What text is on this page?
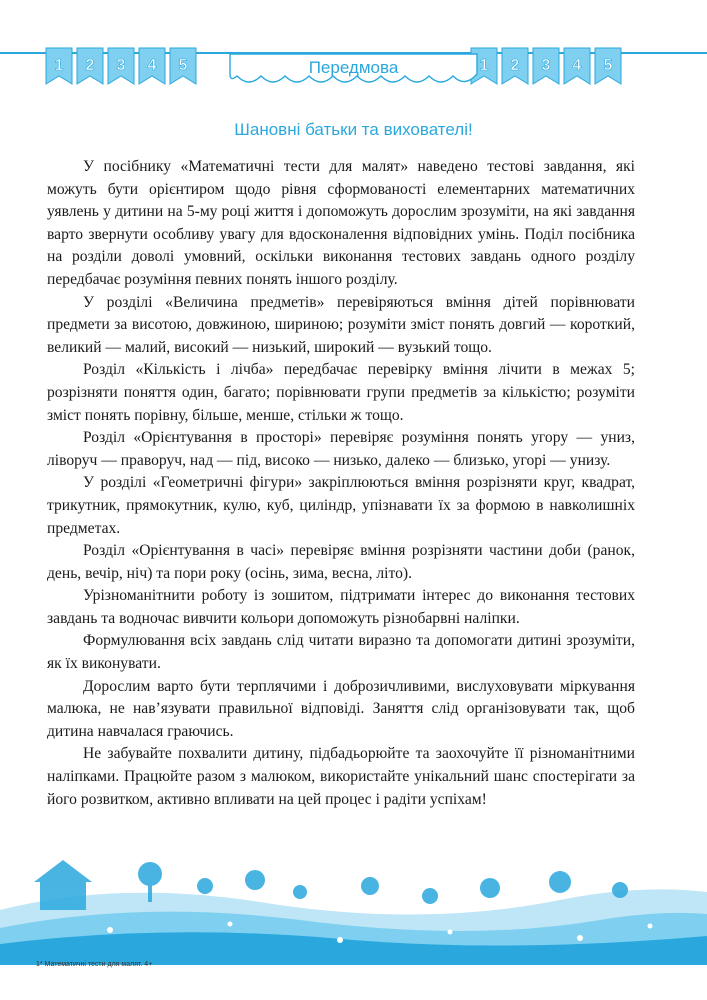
1 2 3 4 5	1 2 3 4 5
Передмова
Шановні батьки та вихователі!

У посібнику «Математичні тести для малят» наведено тестові завдання, які можуть бути орієнтиром щодо рівня сформованості елементарних математичних уявлень у дитини на 5-му році життя і допоможуть дорослим зрозуміти, на які завдання варто звернути особливу увагу для вдосконалення відповідних умінь. Поділ посібника на розділи доволі умовний, оскільки виконання тестових завдань одного розділу передбачає розуміння певних понять іншого розділу.

У розділі «Величина предметів» перевіряються вміння дітей порівнювати предмети за висотою, довжиною, шириною; розуміти зміст понять довгий — короткий, великий — малий, високий — низький, широкий — вузький тощо.

Розділ «Кількість і лічба» передбачає перевірку вміння лічити в межах 5; розрізняти поняття один, багато; порівнювати групи предметів за кількістю; розуміти зміст понять порівну, більше, менше, стільки ж тощо.

Розділ «Орієнтування в просторі» перевіряє розуміння понять угору — униз, ліворуч — праворуч, над — під, високо — низько, далеко — близько, угорі — унизу.

У розділі «Геометричні фігури» закріплюються вміння розрізняти круг, квадрат, трикутник, прямокутник, кулю, куб, циліндр, упізнавати їх за формою в навколишніх предметах.

Розділ «Орієнтування в часі» перевіряє вміння розрізняти частини доби (ранок, день, вечір, ніч) та пори року (осінь, зима, весна, літо).

Урізноманітнити роботу із зошитом, підтримати інтерес до виконання тестових завдань та водночас вивчити кольори допоможуть різнобарвні наліпки.

Формулювання всіх завдань слід читати виразно та допомогати дитині зрозуміти, як їх виконувати.

Дорослим варто бути терплячими і доброзичливими, вислуховувати міркування малюка, не нав’язувати правильної відповіді. Заняття слід організовувати так, щоб дитина навчалася граючись.

Не забувайте похвалити дитину, підбадьорюйте та заохочуйте її різноманітними наліпками. Працюйте разом з малюком, використайте унікальний шанс спостерігати за його розвитком, активно впливати на цей процес і радіти успіхам!

1* Математичні тести для малят. 4+
